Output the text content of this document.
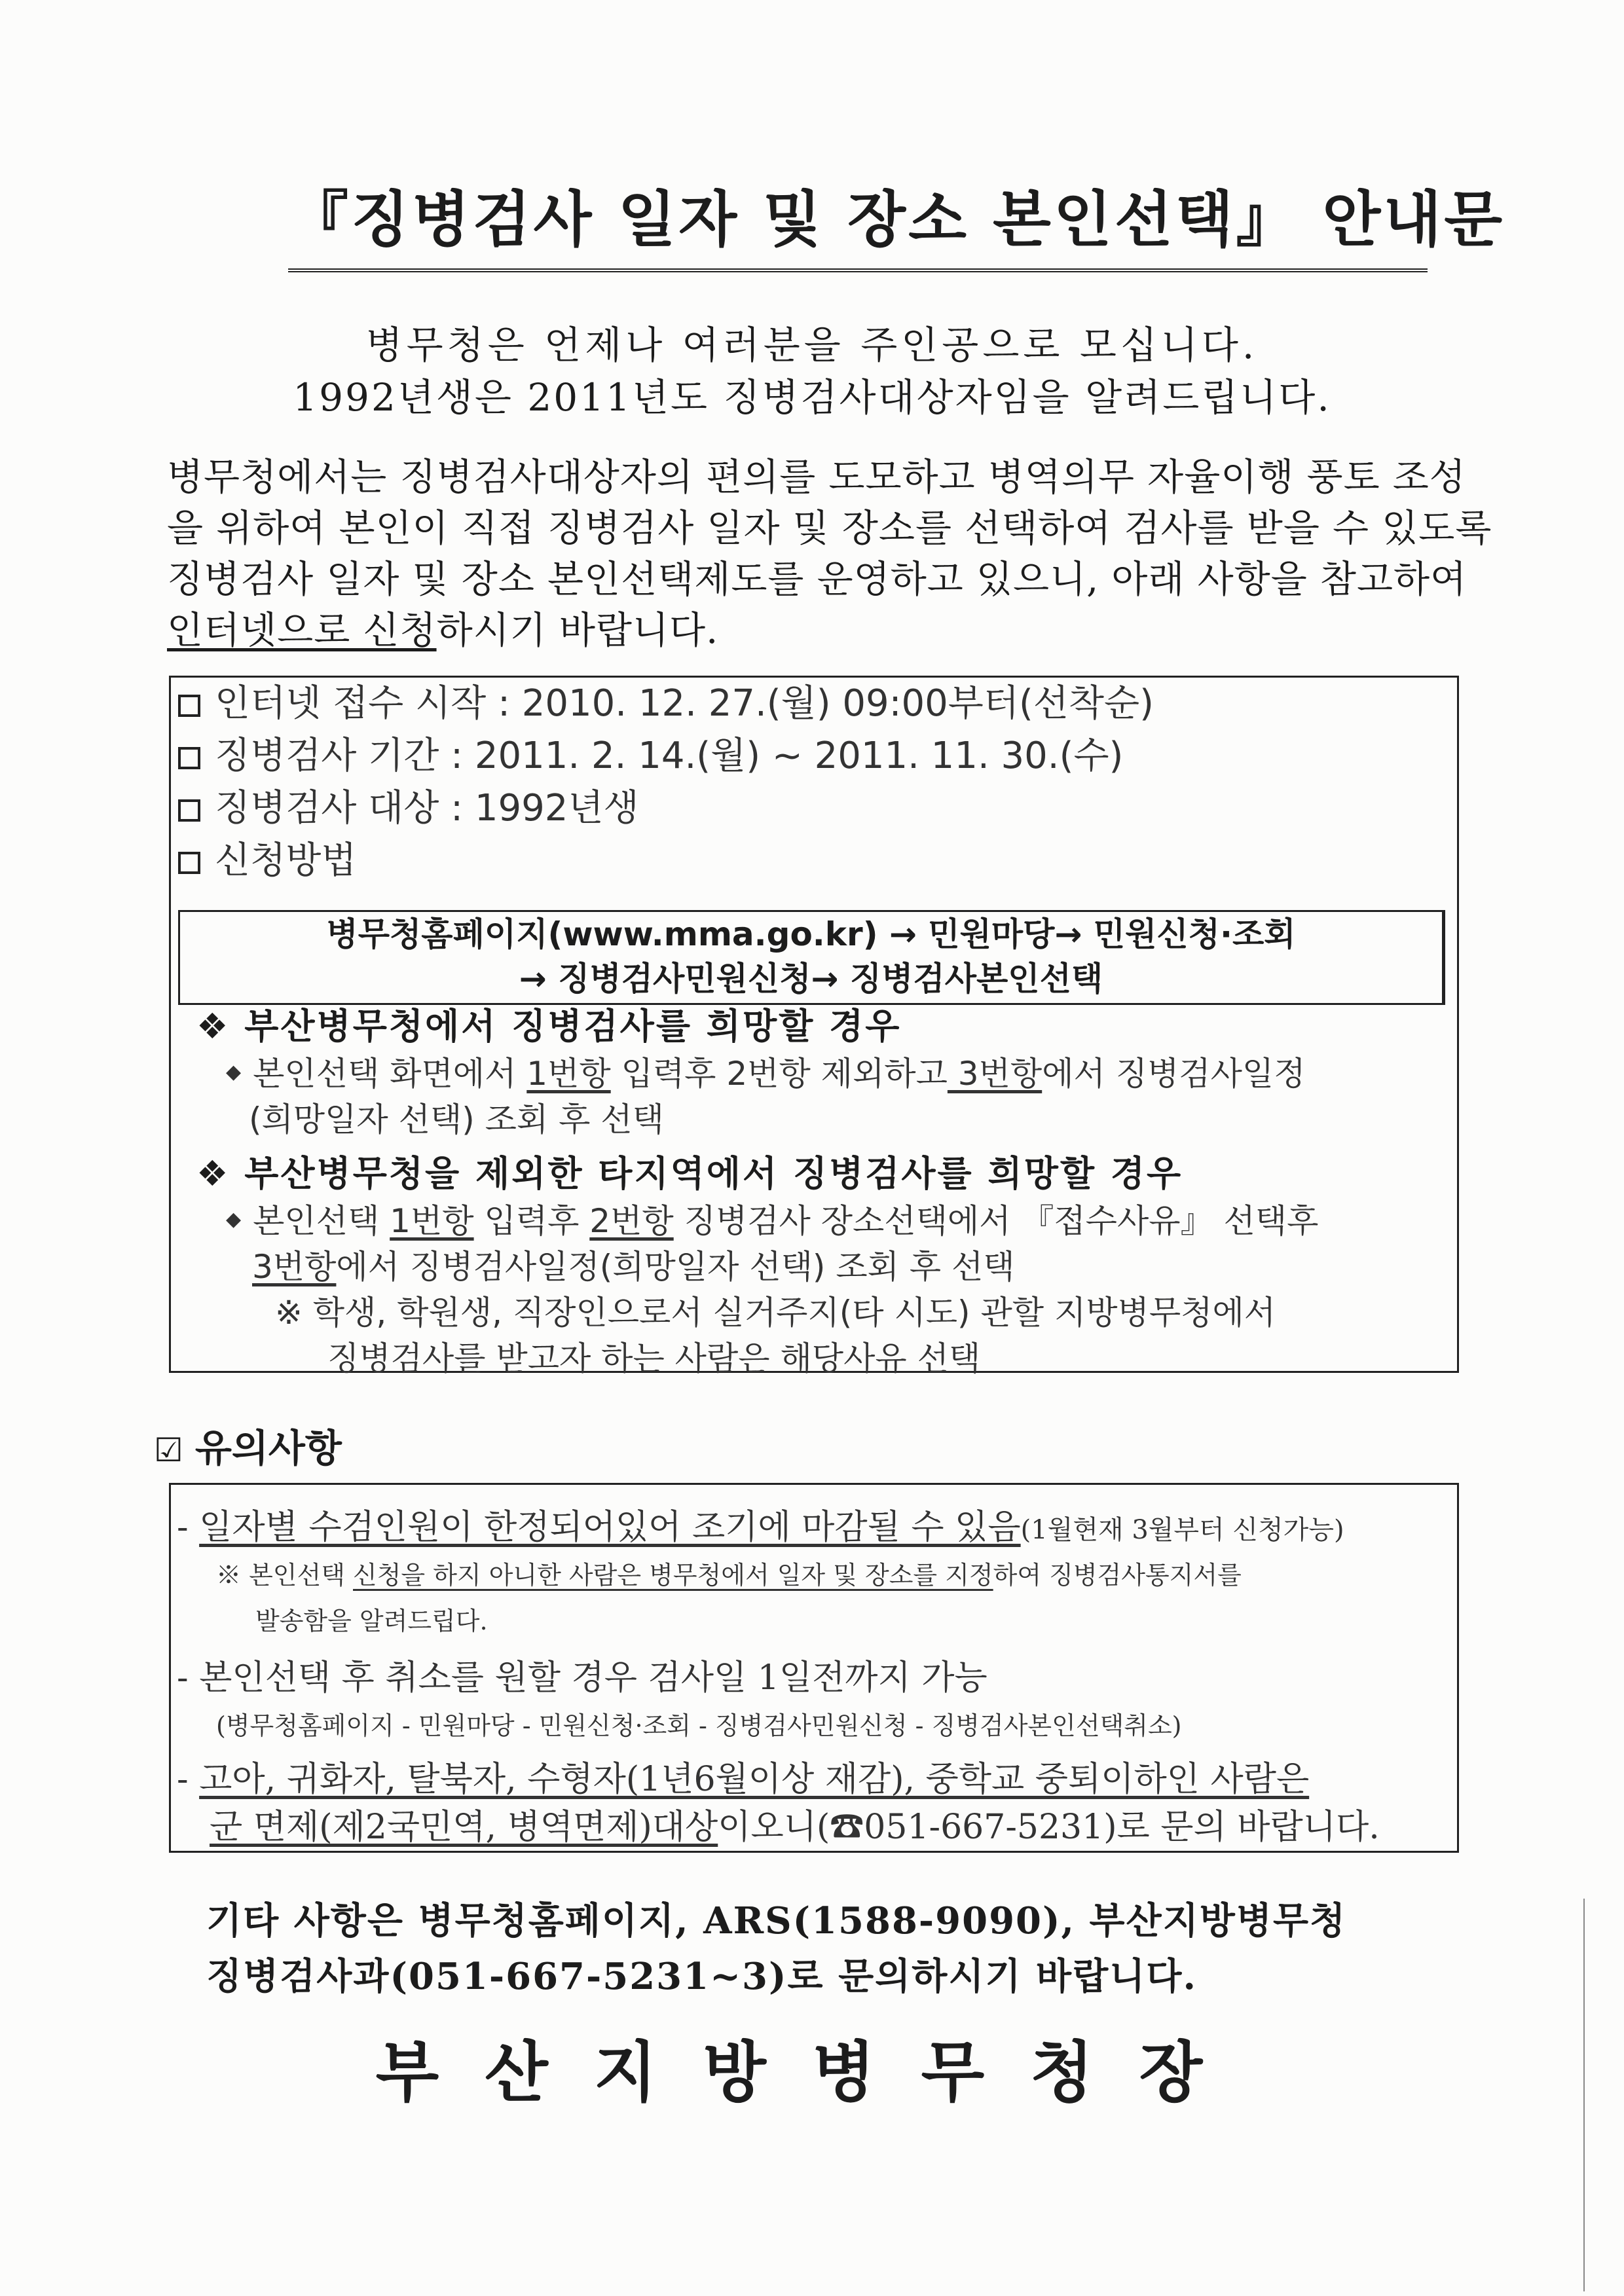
『징병검사 일자 및 장소 본인선택』 안내문
병무청은 언제나 여러분을 주인공으로 모십니다.
1992년생은 2011년도 징병검사대상자임을 알려드립니다.
병무청에서는 징병검사대상자의 편의를 도모하고 병역의무 자율이행 풍토 조성을 위하여 본인이 직접 징병검사 일자 및 장소를 선택하여 검사를 받을 수 있도록 징병검사 일자 및 장소 본인선택제도를 운영하고 있으니, 아래 사항을 참고하여 인터넷으로 신청하시기 바랍니다.
인터넷 접수 시작 : 2010. 12. 27.(월) 09:00부터(선착순)
징병검사 기간 : 2011. 2. 14.(월) ~ 2011. 11. 30.(수)
징병검사 대상 : 1992년생
신청방법
병무청홈페이지(www.mma.go.kr) → 민원마당→ 민원신청·조회
→ 징병검사민원신청→ 징병검사본인선택
❖ 부산병무청에서 징병검사를 희망할 경우
◆ 본인선택 화면에서 1번항 입력후 2번항 제외하고 3번항에서 징병검사일정
(희망일자 선택) 조회 후 선택
❖ 부산병무청을 제외한 타지역에서 징병검사를 희망할 경우
◆ 본인선택 1번항 입력후 2번항 징병검사 장소선택에서 『접수사유』 선택후
3번항에서 징병검사일정(희망일자 선택) 조회 후 선택
※ 학생, 학원생, 직장인으로서 실거주지(타 시도) 관할 지방병무청에서
징병검사를 받고자 하는 사람은 해당사유 선택
☑ 유의사항
- 일자별 수검인원이 한정되어있어 조기에 마감될 수 있음(1월현재 3월부터 신청가능)
※ 본인선택 신청을 하지 아니한 사람은 병무청에서 일자 및 장소를 지정하여 징병검사통지서를
발송함을 알려드립다.
- 본인선택 후 취소를 원할 경우 검사일 1일전까지 가능
(병무청홈페이지 - 민원마당 - 민원신청·조회 - 징병검사민원신청 - 징병검사본인선택취소)
- 고아, 귀화자, 탈북자, 수형자(1년6월이상 재감), 중학교 중퇴이하인 사람은
군 면제(제2국민역, 병역면제)대상이오니(☎051-667-5231)로 문의 바랍니다.
기타 사항은 병무청홈페이지, ARS(1588-9090), 부산지방병무청
징병검사과(051-667-5231~3)로 문의하시기 바랍니다.
부산지방병무청장
